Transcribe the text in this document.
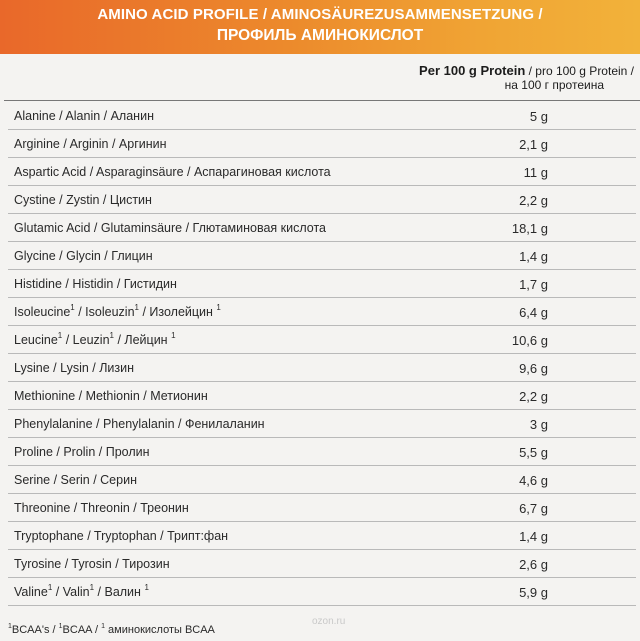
AMINO ACID PROFILE / AMINOSÄUREZUSAMMENSETZUNG /
ПРОФИЛЬ АМИНОКИСЛОТ
Per 100 g Protein / pro 100 g Protein /
на 100 г протеина
Alanine / Alanin / Аланин	5 g
Arginine / Arginin / Аргинин	2,1 g
Aspartic Acid / Asparaginsäure / Аспарагиновая кислота	11 g
Cystine / Zystin / Цистин	2,2 g
Glutamic Acid / Glutaminsäure / Глютаминовая кислота	18,1 g
Glycine / Glycin / Глицин	1,4 g
Histidine / Histidin / Гистидин	1,7 g
Isoleucine$^1$ / Isoleuzin$^1$ / Изолейцин $^1$	6,4 g
Leucine$^1$ / Leuzin$^1$ / Лейцин $^1$	10,6 g
Lysine / Lysin / Лизин	9,6 g
Methionine / Methionin / Метионин	2,2 g
Phenylalanine / Phenylalanin / Фенилаланин	3 g
Proline / Prolin / Пролин	5,5 g
Serine / Serin / Серин	4,6 g
Threonine / Threonin / Треонин	6,7 g
Tryptophane / Tryptophan / Трипт:фан	1,4 g
Tyrosine / Tyrosin / Тирозин	2,6 g
Valine$^1$ / Valin$^1$ / Валин $^1$	5,9 g
$^1$BCAA's / $^1$BCAA / $^1$ аминокислоты BCAA
ozon.ru
